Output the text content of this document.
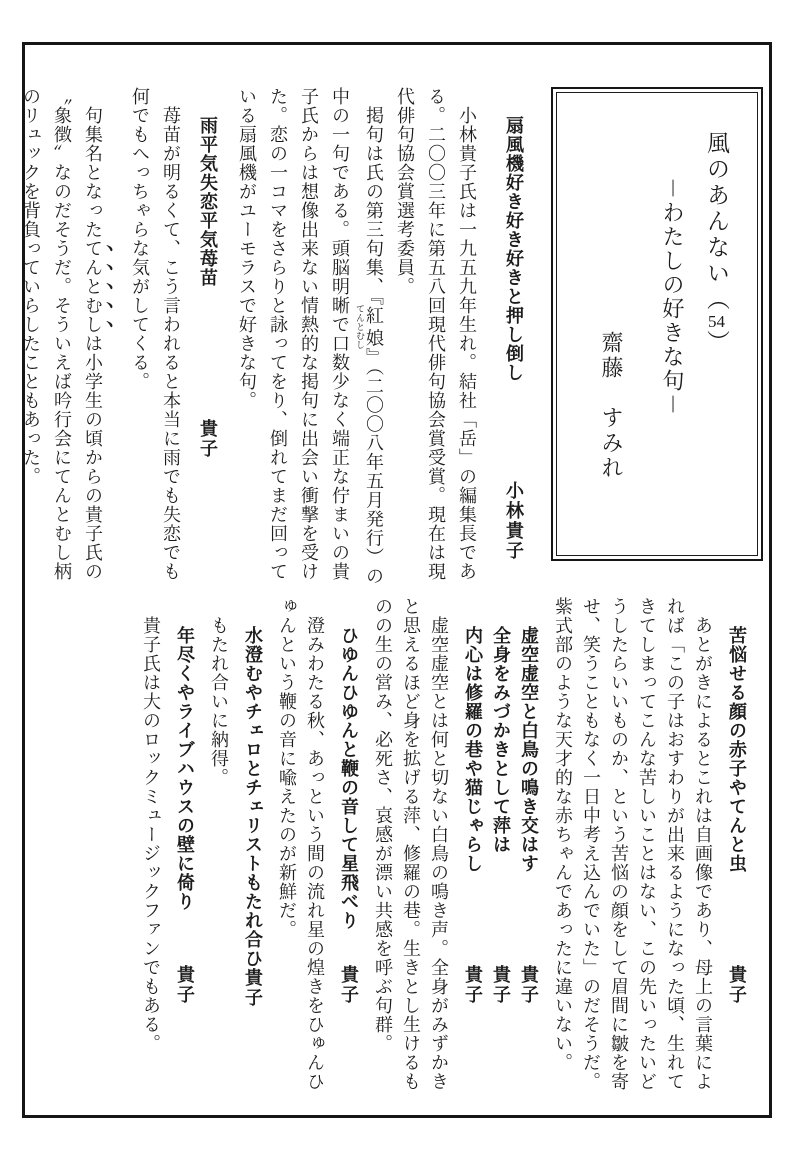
風のあんない（54）
－わたしの好きな句－
齋藤　すみれ
扇風機好き好き好きと押し倒し
小林貴子
小林貴子氏は一九五九年生れ。結社「岳」の編集長であ
る。二〇〇三年に第五八回現代俳句協会賞受賞。現在は現
代俳句協会賞選考委員。
掲句は氏の第三句集、『紅娘てんとむし』（二〇〇八年五月発行）の
中の一句である。頭脳明晰で口数少なく端正な佇まいの貴
子氏からは想像出来ない情熱的な掲句に出会い衝撃を受け
た。恋の一コマをさらりと詠ってをり、倒れてまだ回って
いる扇風機がユーモラスで好きな句。
雨平気失恋平気苺苗
貴子
苺苗が明るくて、こう言われると本当に雨でも失恋でも
何でもへっちゃらな気がしてくる。
句集名となったてんとむしは小学生の頃からの貴子氏の
〝象徴〟なのだそうだ。そういえば吟行会にてんとむし柄
のリュックを背負っていらしたこともあった。
苦悩せる顔の赤子やてんと虫
貴子
あとがきによるとこれは自画像であり、母上の言葉によ
れば「この子はおすわりが出来るようになった頃、生れて
きてしまってこんな苦しいことはない、この先いったいど
うしたらいいものか、という苦悩の顔をして眉間に皺を寄
せ、笑うこともなく一日中考え込んでいた」のだそうだ。
紫式部のような天才的な赤ちゃんであったに違いない。
虚空虚空と白鳥の鳴き交はす
貴子
全身をみづかきとして萍は
貴子
内心は修羅の巷や猫じゃらし
貴子
虚空虚空とは何と切ない白鳥の鳴き声。全身がみずかき
と思えるほど身を拡げる萍、修羅の巷。生きとし生けるも
のの生の営み、必死さ、哀感が漂い共感を呼ぶ句群。
ひゆんひゆんと鞭の音して星飛べり
貴子
澄みわたる秋、あっという間の流れ星の煌きをひゅんひ
ゅんという鞭の音に喩えたのが新鮮だ。
水澄むやチェロとチェリストもたれ合ひ
貴子
もたれ合いに納得。
年尽くやライブハウスの壁に倚り
貴子
貴子氏は大のロックミュージックファンでもある。
